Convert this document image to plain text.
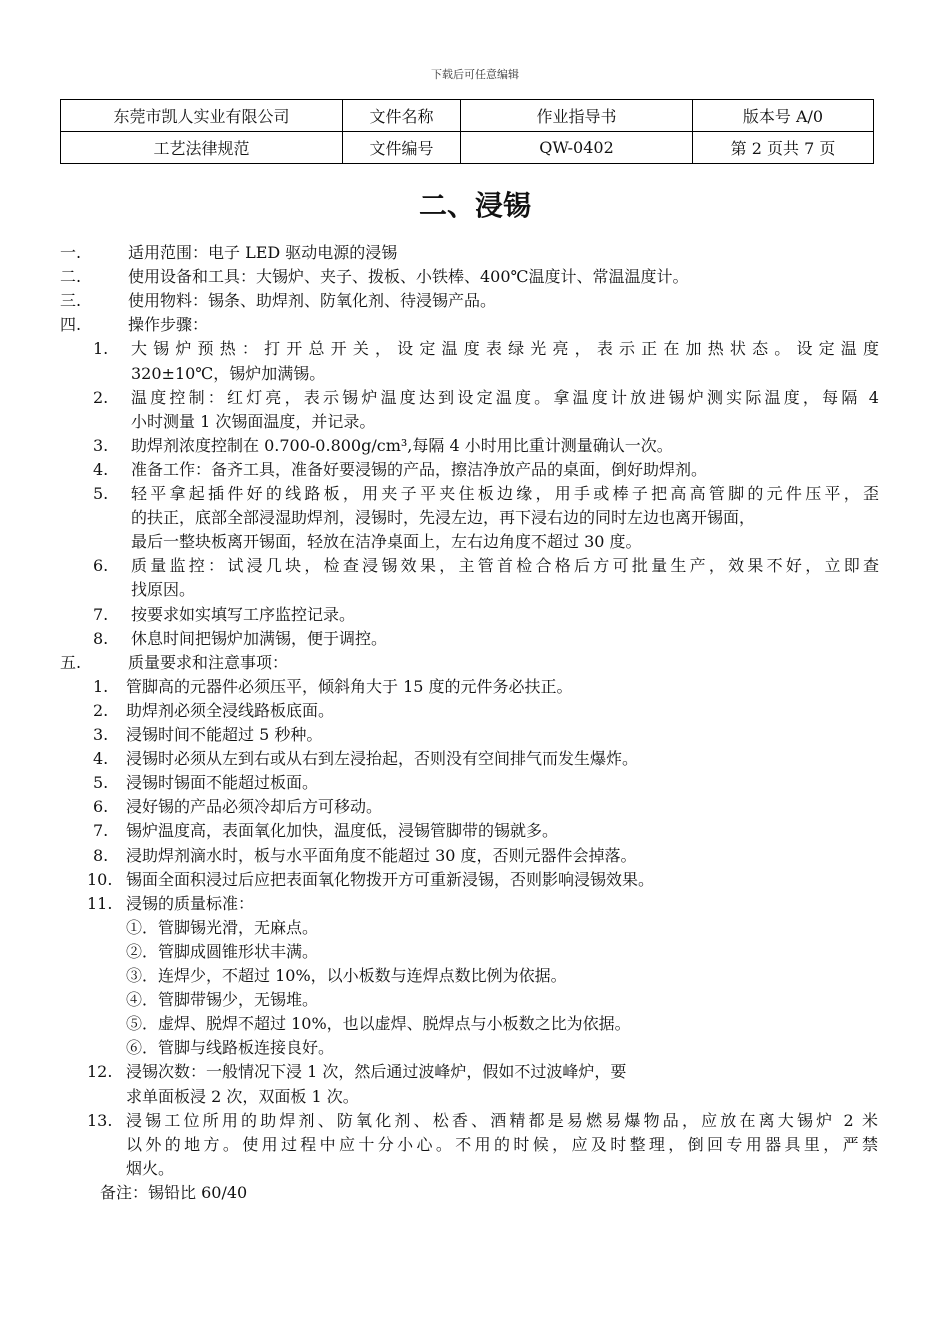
下载后可任意编辑
东莞市凯人实业有限公司	文件名称	作业指导书	版本号 A/0
工艺法律规范	文件编号	QW-0402	第 2 页共 7 页
二、浸锡
一.	适用范围：电子 LED 驱动电源的浸锡
二.	使用设备和工具：大锡炉、夹子、拨板、小铁棒、400℃温度计、常温温度计。
三.	使用物料：锡条、助焊剂、防氧化剂、待浸锡产品。
四.	操作步骤：
1. 大 锡 炉 预 热 ： 打 开 总 开 关 ， 设 定 温 度 表 绿 光 亮 ， 表 示 正 在 加 热 状 态 。 设 定 温 度
320±10℃，锡炉加满锡。
2. 温度控制：红灯亮，表示锡炉温度达到设定温度。拿温度计放进锡炉测实际温度，每隔 4
小时测量 1 次锡面温度，并记录。
3. 助焊剂浓度控制在 0.700-0.800g/cm³,每隔 4 小时用比重计测量确认一次。
4. 准备工作：备齐工具，准备好要浸锡的产品，擦洁净放产品的桌面，倒好助焊剂。
5. 轻平拿起插件好的线路板，用夹子平夹住板边缘，用手或棒子把高高管脚的元件压平，歪
的扶正，底部全部浸湿助焊剂，浸锡时，先浸左边，再下浸右边的同时左边也离开锡面，
最后一整块板离开锡面，轻放在洁净桌面上，左右边角度不超过 30 度。
6. 质量监控：试浸几块，检查浸锡效果，主管首检合格后方可批量生产，效果不好，立即查
找原因。
7. 按要求如实填写工序监控记录。
8. 休息时间把锡炉加满锡，便于调控。
五.	质量要求和注意事项：
1. 管脚高的元器件必须压平，倾斜角大于 15 度的元件务必扶正。
2. 助焊剂必须全浸线路板底面。
3. 浸锡时间不能超过 5 秒种。
4. 浸锡时必须从左到右或从右到左浸抬起，否则没有空间排气而发生爆炸。
5. 浸锡时锡面不能超过板面。
6. 浸好锡的产品必须冷却后方可移动。
7. 锡炉温度高，表面氧化加快，温度低，浸锡管脚带的锡就多。
8. 浸助焊剂滴水时，板与水平面角度不能超过 30 度，否则元器件会掉落。
10. 锡面全面积浸过后应把表面氧化物拨开方可重新浸锡，否则影响浸锡效果。
11. 浸锡的质量标准：
①．管脚锡光滑，无麻点。
②．管脚成圆锥形状丰满。
③．连焊少，不超过 10%，以小板数与连焊点数比例为依据。
④．管脚带锡少，无锡堆。
⑤．虚焊、脱焊不超过 10%，也以虚焊、脱焊点与小板数之比为依据。
⑥．管脚与线路板连接良好。
12. 浸锡次数：一般情况下浸 1 次，然后通过波峰炉，假如不过波峰炉，要
求单面板浸 2 次，双面板 1 次。
13. 浸锡工位所用的助焊剂、防氧化剂、松香、酒精都是易燃易爆物品，应放在离大锡炉 2 米
以外的地方。使用过程中应十分小心。不用的时候，应及时整理，倒回专用器具里，严禁
烟火。
备注：锡铅比 60/40
